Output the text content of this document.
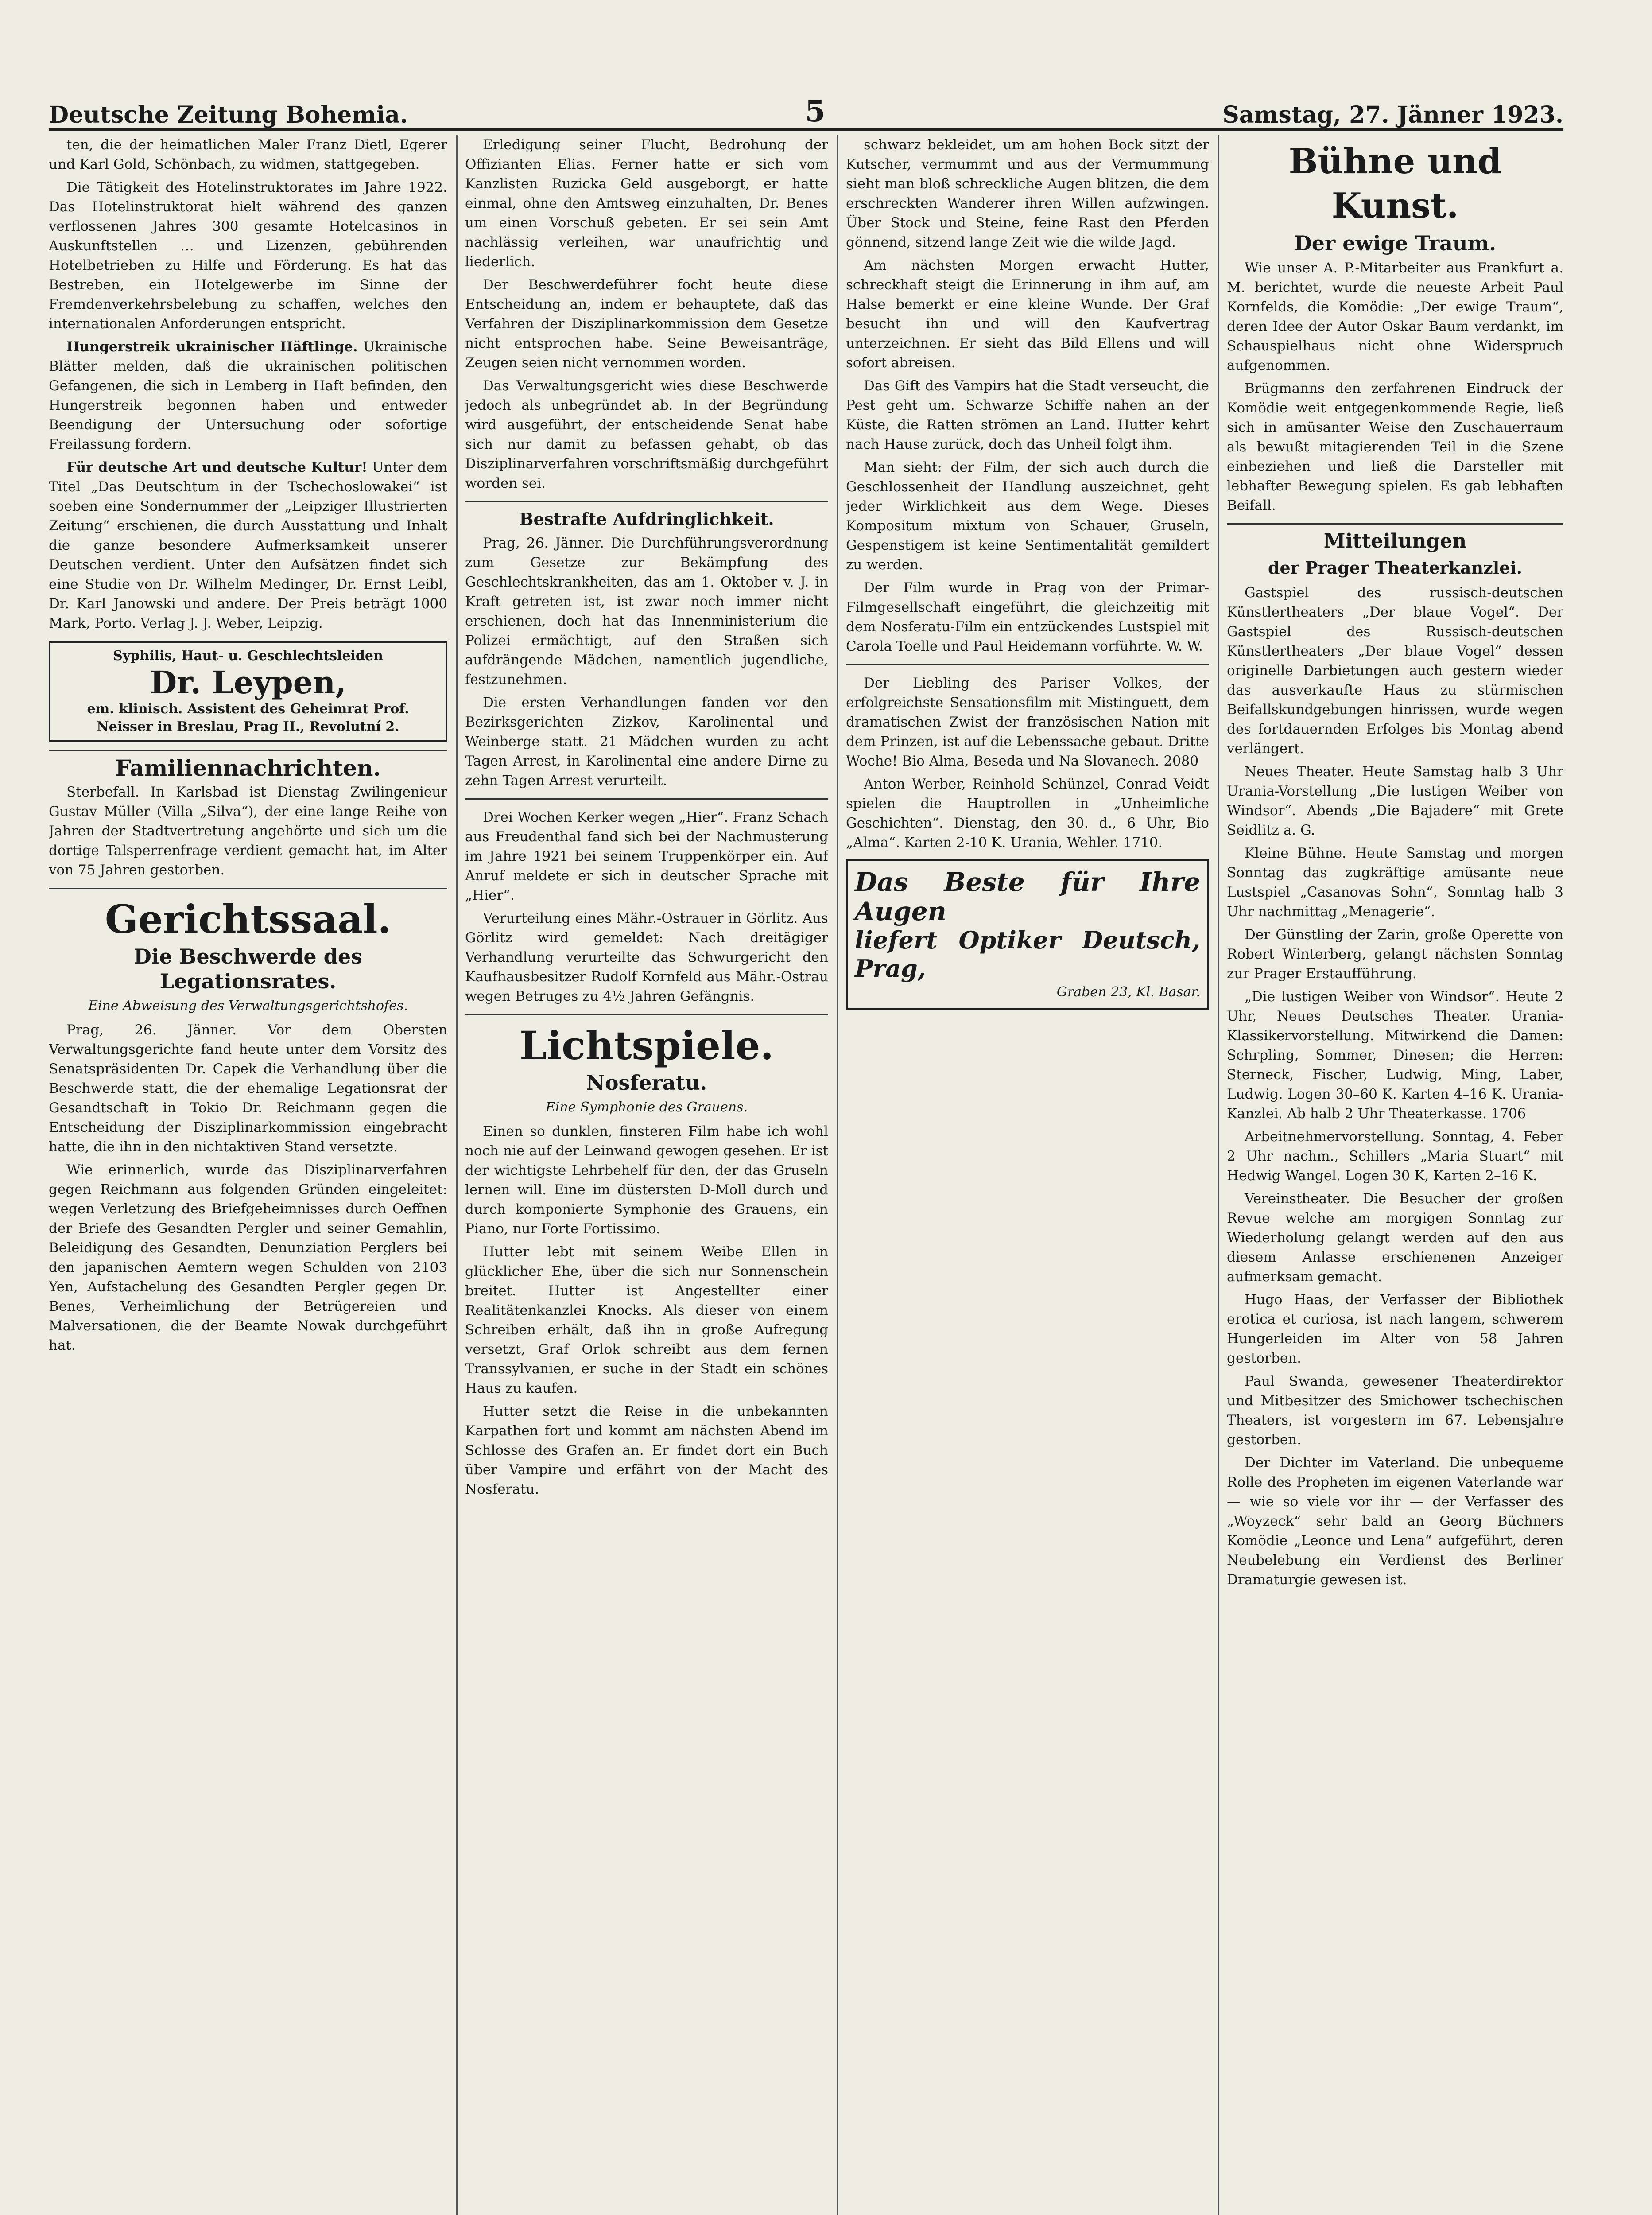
Deutsche Zeitung Bohemia.	5	Samstag, 27. Jänner 1923.

ten, die der heimatlichen Maler Franz Dietl, Egerer und Karl Gold, Schönbach, zu widmen, stattgegeben.

Die Tätigkeit des Hotelinstruktorates im Jahre 1922. Das Hotelinstruktorat hielt während des ganzen verflossenen Jahres 300 gesamte Hotelcasinos in Auskunftstellen … und Lizenzen, gebührenden Hotelbetrieben zu Hilfe und Förderung. Es hat das Bestreben, ein Hotelgewerbe im Sinne der Fremdenverkehrsbelebung zu schaffen, welches den internationalen Anforderungen entspricht.

Hungerstreik ukrainischer Häftlinge. Ukrainische Blätter melden, daß die ukrainischen politischen Gefangenen, die sich in Lemberg in Haft befinden, den Hungerstreik begonnen haben und entweder Beendigung der Untersuchung oder sofortige Freilassung fordern.

Für deutsche Art und deutsche Kultur! Unter dem Titel „Das Deutschtum in der Tschechoslowakei“ ist soeben eine Sondernummer der „Leipziger Illustrierten Zeitung“ erschienen, die durch Ausstattung und Inhalt die ganze besondere Aufmerksamkeit unserer Deutschen verdient. Unter den Aufsätzen findet sich eine Studie von Dr. Wilhelm Medinger, Dr. Ernst Leibl, Dr. Karl Janowski und andere. Der Preis beträgt 1000 Mark, Porto. Verlag J. J. Weber, Leipzig.

Syphilis, Haut- u. Geschlechtsleiden
Dr. Leypen,
em. klinisch. Assistent des Geheimrat Prof. Neisser in Breslau, Prag II., Revolutní 2.
Familiennachrichten.

Sterbefall. In Karlsbad ist Dienstag Zwilingenieur Gustav Müller (Villa „Silva“), der eine lange Reihe von Jahren der Stadtvertretung angehörte und sich um die dortige Talsperrenfrage verdient gemacht hat, im Alter von 75 Jahren gestorben.

Gerichtssaal.
Die Beschwerde des Legationsrates.
Eine Abweisung des Verwaltungsgerichtshofes.

Prag, 26. Jänner. Vor dem Obersten Verwaltungsgerichte fand heute unter dem Vorsitz des Senatspräsidenten Dr. Capek die Verhandlung über die Beschwerde statt, die der ehemalige Legationsrat der Gesandtschaft in Tokio Dr. Reichmann gegen die Entscheidung der Disziplinarkommission eingebracht hatte, die ihn in den nichtaktiven Stand versetzte.

Wie erinnerlich, wurde das Disziplinarverfahren gegen Reichmann aus folgenden Gründen eingeleitet: wegen Verletzung des Briefgeheimnisses durch Oeffnen der Briefe des Gesandten Pergler und seiner Gemahlin, Beleidigung des Gesandten, Denunziation Perglers bei den japanischen Aemtern wegen Schulden von 2103 Yen, Aufstachelung des Gesandten Pergler gegen Dr. Benes, Verheimlichung der Betrügereien und Malversationen, die der Beamte Nowak durchgeführt hat.

Erledigung seiner Flucht, Bedrohung der Offizianten Elias. Ferner hatte er sich vom Kanzlisten Ruzicka Geld ausgeborgt, er hatte einmal, ohne den Amtsweg einzuhalten, Dr. Benes um einen Vorschuß gebeten. Er sei sein Amt nachlässig verleihen, war unaufrichtig und liederlich.

Der Beschwerdeführer focht heute diese Entscheidung an, indem er behauptete, daß das Verfahren der Disziplinarkommission dem Gesetze nicht entsprochen habe. Seine Beweisanträge, Zeugen seien nicht vernommen worden.

Das Verwaltungsgericht wies diese Beschwerde jedoch als unbegründet ab. In der Begründung wird ausgeführt, der entscheidende Senat habe sich nur damit zu befassen gehabt, ob das Disziplinarverfahren vorschriftsmäßig durchgeführt worden sei.

Bestrafte Aufdringlichkeit.

Prag, 26. Jänner. Die Durchführungsverordnung zum Gesetze zur Bekämpfung des Geschlechtskrankheiten, das am 1. Oktober v. J. in Kraft getreten ist, ist zwar noch immer nicht erschienen, doch hat das Innenministerium die Polizei ermächtigt, auf den Straßen sich aufdrängende Mädchen, namentlich jugendliche, festzunehmen.

Die ersten Verhandlungen fanden vor den Bezirksgerichten Zizkov, Karolinental und Weinberge statt. 21 Mädchen wurden zu acht Tagen Arrest, in Karolinental eine andere Dirne zu zehn Tagen Arrest verurteilt.

Drei Wochen Kerker wegen „Hier“. Franz Schach aus Freudenthal fand sich bei der Nachmusterung im Jahre 1921 bei seinem Truppenkörper ein. Auf Anruf meldete er sich in deutscher Sprache mit „Hier“.

Verurteilung eines Mähr.-Ostrauer in Görlitz. Aus Görlitz wird gemeldet: Nach dreitägiger Verhandlung verurteilte das Schwurgericht den Kaufhausbesitzer Rudolf Kornfeld aus Mähr.-Ostrau wegen Betruges zu 4½ Jahren Gefängnis.

Lichtspiele.
Nosferatu.
Eine Symphonie des Grauens.

Einen so dunklen, finsteren Film habe ich wohl noch nie auf der Leinwand gewogen gesehen. Er ist der wichtigste Lehrbehelf für den, der das Gruseln lernen will. Eine im düstersten D-Moll durch und durch komponierte Symphonie des Grauens, ein Piano, nur Forte Fortissimo.

Hutter lebt mit seinem Weibe Ellen in glücklicher Ehe, über die sich nur Sonnenschein breitet. Hutter ist Angestellter einer Realitätenkanzlei Knocks. Als dieser von einem Schreiben erhält, daß ihn in große Aufregung versetzt, Graf Orlok schreibt aus dem fernen Transsylvanien, er suche in der Stadt ein schönes Haus zu kaufen.

Hutter setzt die Reise in die unbekannten Karpathen fort und kommt am nächsten Abend im Schlosse des Grafen an. Er findet dort ein Buch über Vampire und erfährt von der Macht des Nosferatu.

schwarz bekleidet, um am hohen Bock sitzt der Kutscher, vermummt und aus der Vermummung sieht man bloß schreckliche Augen blitzen, die dem erschreckten Wanderer ihren Willen aufzwingen. Über Stock und Steine, feine Rast den Pferden gönnend, sitzend lange Zeit wie die wilde Jagd.

Am nächsten Morgen erwacht Hutter, schreckhaft steigt die Erinnerung in ihm auf, am Halse bemerkt er eine kleine Wunde. Der Graf besucht ihn und will den Kaufvertrag unterzeichnen. Er sieht das Bild Ellens und will sofort abreisen.

Das Gift des Vampirs hat die Stadt verseucht, die Pest geht um. Schwarze Schiffe nahen an der Küste, die Ratten strömen an Land. Hutter kehrt nach Hause zurück, doch das Unheil folgt ihm.

Man sieht: der Film, der sich auch durch die Geschlossenheit der Handlung auszeichnet, geht jeder Wirklichkeit aus dem Wege. Dieses Kompositum mixtum von Schauer, Gruseln, Gespenstigem ist keine Sentimentalität gemildert zu werden.

Der Film wurde in Prag von der Primar-Filmgesellschaft eingeführt, die gleichzeitig mit dem Nosferatu-Film ein entzückendes Lustspiel mit Carola Toelle und Paul Heidemann vorführte. W. W.

Der Liebling des Pariser Volkes, der erfolgreichste Sensationsfilm mit Mistinguett, dem dramatischen Zwist der französischen Nation mit dem Prinzen, ist auf die Lebenssache gebaut. Dritte Woche! Bio Alma, Beseda und Na Slovanech. 2080

Anton Werber, Reinhold Schünzel, Conrad Veidt spielen die Hauptrollen in „Unheimliche Geschichten“. Dienstag, den 30. d., 6 Uhr, Bio „Alma“. Karten 2-10 K. Urania, Wehler. 1710.

Das Beste für Ihre Augen
liefert Optiker Deutsch, Prag,
Graben 23, Kl. Basar.
Bühne und Kunst.
Der ewige Traum.

Wie unser A. P.-Mitarbeiter aus Frankfurt a. M. berichtet, wurde die neueste Arbeit Paul Kornfelds, die Komödie: „Der ewige Traum“, deren Idee der Autor Oskar Baum verdankt, im Schauspielhaus nicht ohne Widerspruch aufgenommen.

Brügmanns den zerfahrenen Eindruck der Komödie weit entgegenkommende Regie, ließ sich in amüsanter Weise den Zuschauerraum als bewußt mitagierenden Teil in die Szene einbeziehen und ließ die Darsteller mit lebhafter Bewegung spielen. Es gab lebhaften Beifall.

Mitteilungen
der Prager Theaterkanzlei.

Gastspiel des russisch-deutschen Künstlertheaters „Der blaue Vogel“. Der Gastspiel des Russisch-deutschen Künstlertheaters „Der blaue Vogel“ dessen originelle Darbietungen auch gestern wieder das ausverkaufte Haus zu stürmischen Beifallskundgebungen hinrissen, wurde wegen des fortdauernden Erfolges bis Montag abend verlängert.

Neues Theater. Heute Samstag halb 3 Uhr Urania-Vorstellung „Die lustigen Weiber von Windsor“. Abends „Die Bajadere“ mit Grete Seidlitz a. G.

Kleine Bühne. Heute Samstag und morgen Sonntag das zugkräftige amüsante neue Lustspiel „Casanovas Sohn“, Sonntag halb 3 Uhr nachmittag „Menagerie“.

Der Günstling der Zarin, große Operette von Robert Winterberg, gelangt nächsten Sonntag zur Prager Erstaufführung.

„Die lustigen Weiber von Windsor“. Heute 2 Uhr, Neues Deutsches Theater. Urania-Klassikervorstellung. Mitwirkend die Damen: Schrpling, Sommer, Dinesen; die Herren: Sterneck, Fischer, Ludwig, Ming, Laber, Ludwig. Logen 30–60 K. Karten 4–16 K. Urania-Kanzlei. Ab halb 2 Uhr Theaterkasse. 1706

Arbeitnehmervorstellung. Sonntag, 4. Feber 2 Uhr nachm., Schillers „Maria Stuart“ mit Hedwig Wangel. Logen 30 K, Karten 2–16 K.

Vereinstheater. Die Besucher der großen Revue welche am morgigen Sonntag zur Wiederholung gelangt werden auf den aus diesem Anlasse erschienenen Anzeiger aufmerksam gemacht.

Hugo Haas, der Verfasser der Bibliothek erotica et curiosa, ist nach langem, schwerem Hungerleiden im Alter von 58 Jahren gestorben.

Paul Swanda, gewesener Theaterdirektor und Mitbesitzer des Smichower tschechischen Theaters, ist vorgestern im 67. Lebensjahre gestorben.

Der Dichter im Vaterland. Die unbequeme Rolle des Propheten im eigenen Vaterlande war — wie so viele vor ihr — der Verfasser des „Woyzeck“ sehr bald an Georg Büchners Komödie „Leonce und Lena“ aufgeführt, deren Neubelebung ein Verdienst des Berliner Dramaturgie gewesen ist.
